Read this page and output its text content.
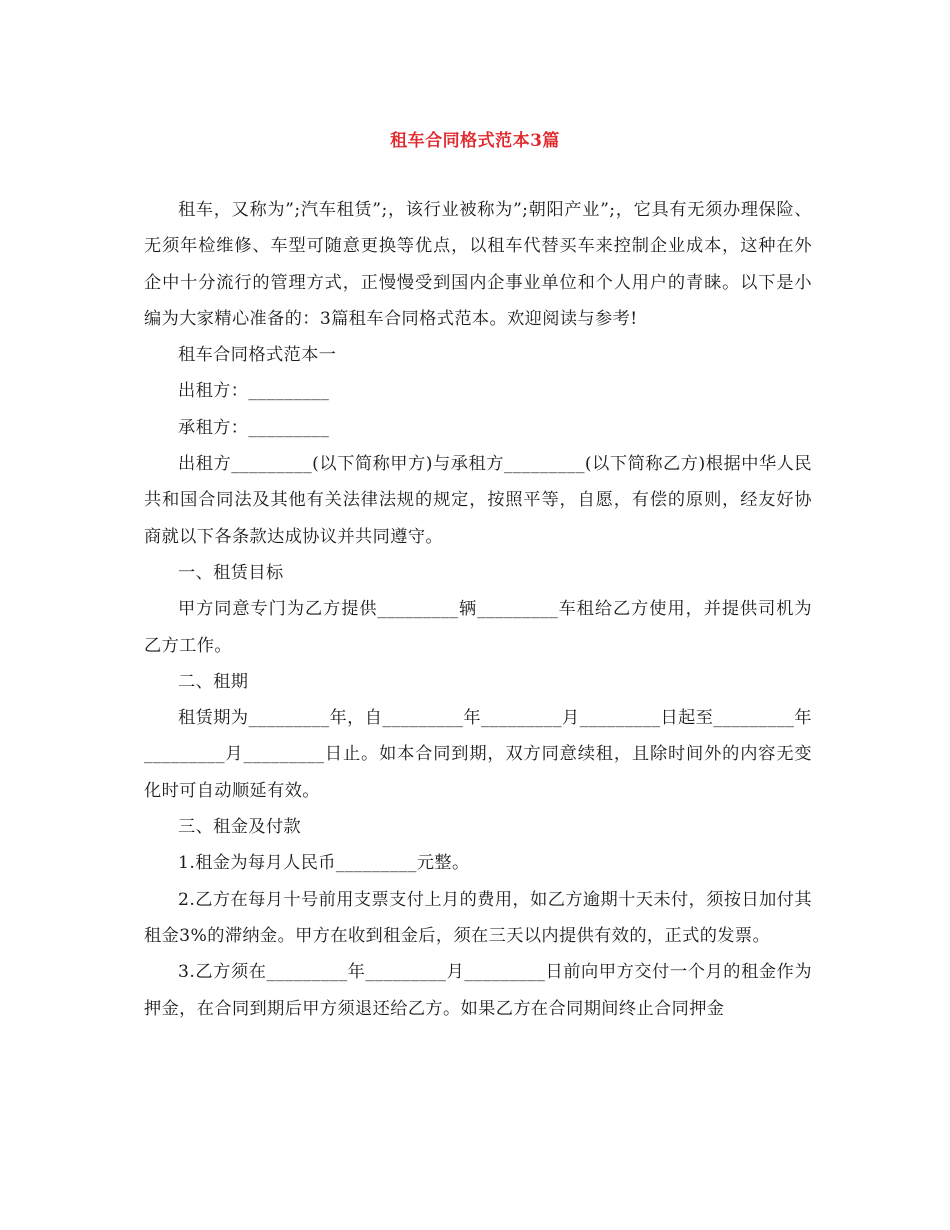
租车合同格式范本3篇

租车，又称为”;汽车租赁”;，该行业被称为”;朝阳产业”;，它具有无须办理保险、无须年检维修、车型可随意更换等优点，以租车代替买车来控制企业成本，这种在外企中十分流行的管理方式，正慢慢受到国内企事业单位和个人用户的青睐。以下是小编为大家精心准备的：3篇租车合同格式范本。欢迎阅读与参考!

租车合同格式范本一

出租方：_________

承租方：_________

出租方_________(以下简称甲方)与承租方_________(以下简称乙方)根据中华人民共和国合同法及其他有关法律法规的规定，按照平等，自愿，有偿的原则，经友好协商就以下各条款达成协议并共同遵守。

一、租赁目标

甲方同意专门为乙方提供_________辆_________车租给乙方使用，并提供司机为乙方工作。

二、租期

租赁期为_________年，自_________年_________月_________日起至_________年_________月_________日止。如本合同到期，双方同意续租，且除时间外的内容无变化时可自动顺延有效。

三、租金及付款

1.租金为每月人民币_________元整。

2.乙方在每月十号前用支票支付上月的费用，如乙方逾期十天未付，须按日加付其租金3%的滞纳金。甲方在收到租金后，须在三天以内提供有效的，正式的发票。

3.乙方须在_________年_________月_________日前向甲方交付一个月的租金作为押金，在合同到期后甲方须退还给乙方。如果乙方在合同期间终止合同押金
